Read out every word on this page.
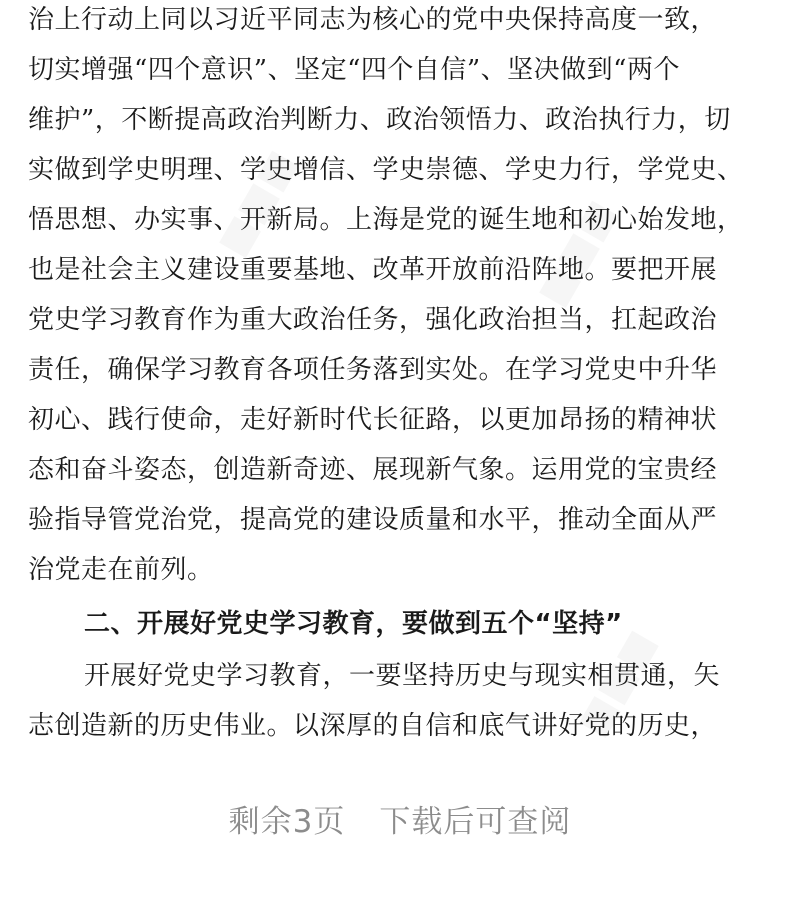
■■■	■■■
■■■
治上行动上同以习近平同志为核心的党中央保持高度一致，
切实增强“四个意识”、坚定“四个自信”、坚决做到“两个
维护”，不断提高政治判断力、政治领悟力、政治执行力，切
实做到学史明理、学史增信、学史崇德、学史力行，学党史、
悟思想、办实事、开新局。上海是党的诞生地和初心始发地，
也是社会主义建设重要基地、改革开放前沿阵地。要把开展
党史学习教育作为重大政治任务，强化政治担当，扛起政治
责任，确保学习教育各项任务落到实处。在学习党史中升华
初心、践行使命，走好新时代长征路，以更加昂扬的精神状
态和奋斗姿态，创造新奇迹、展现新气象。运用党的宝贵经
验指导管党治党，提高党的建设质量和水平，推动全面从严
治党走在前列。
二、开展好党史学习教育，要做到五个“坚持”
开展好党史学习教育，一要坚持历史与现实相贯通，矢
志创造新的历史伟业。以深厚的自信和底气讲好党的历史，
剩余3页 下载后可查阅
